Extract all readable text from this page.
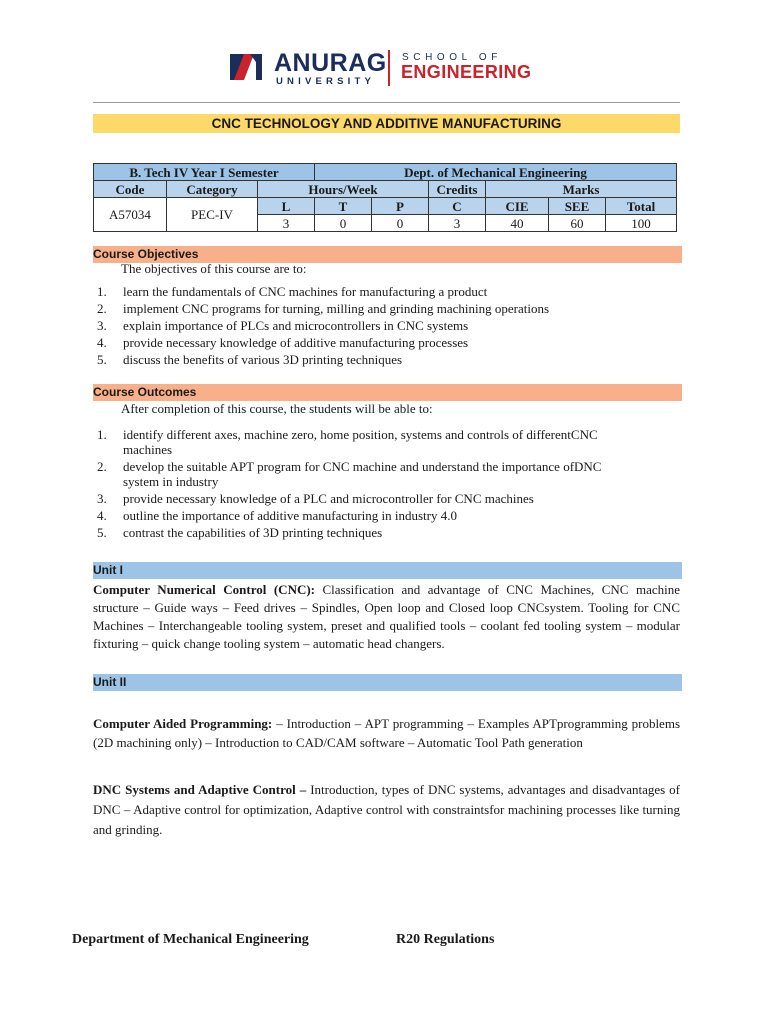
ANURAG
UNIVERSITY
SCHOOL OF
ENGINEERING
CNC TECHNOLOGY AND ADDITIVE MANUFACTURING
B. Tech IV Year I Semester			Dept. of Mechanical Engineering					
Code	Category	Hours/Week			Credits	Marks		
A57034	PEC-IV	L	T	P	C	CIE	SEE	Total
		3	0	0	3	40	60	100
Course Objectives
The objectives of this course are to:
1. learn the fundamentals of CNC machines for manufacturing a product
2. implement CNC programs for turning, milling and grinding machining operations
3. explain importance of PLCs and microcontrollers in CNC systems
4. provide necessary knowledge of additive manufacturing processes
5. discuss the benefits of various 3D printing techniques
Course Outcomes
After completion of this course, the students will be able to:
1. identify different axes, machine zero, home position, systems and controls of differentCNC machines
2. develop the suitable APT program for CNC machine and understand the importance ofDNC system in industry
3. provide necessary knowledge of a PLC and microcontroller for CNC machines
4. outline the importance of additive manufacturing in industry 4.0
5. contrast the capabilities of 3D printing techniques
Unit I
Computer Numerical Control (CNC): Classification and advantage of CNC Machines, CNC machine structure – Guide ways – Feed drives – Spindles, Open loop and Closed loop CNCsystem. Tooling for CNC Machines – Interchangeable tooling system, preset and qualified tools – coolant fed tooling system – modular fixturing – quick change tooling system – automatic head changers.
Unit II
Computer Aided Programming: – Introduction – APT programming – Examples APTprogramming problems (2D machining only) – Introduction to CAD/CAM software – Automatic Tool Path generation
DNC Systems and Adaptive Control – Introduction, types of DNC systems, advantages and disadvantages of DNC – Adaptive control for optimization, Adaptive control with constraintsfor machining processes like turning and grinding.
Department of Mechanical Engineering	R20 Regulations
